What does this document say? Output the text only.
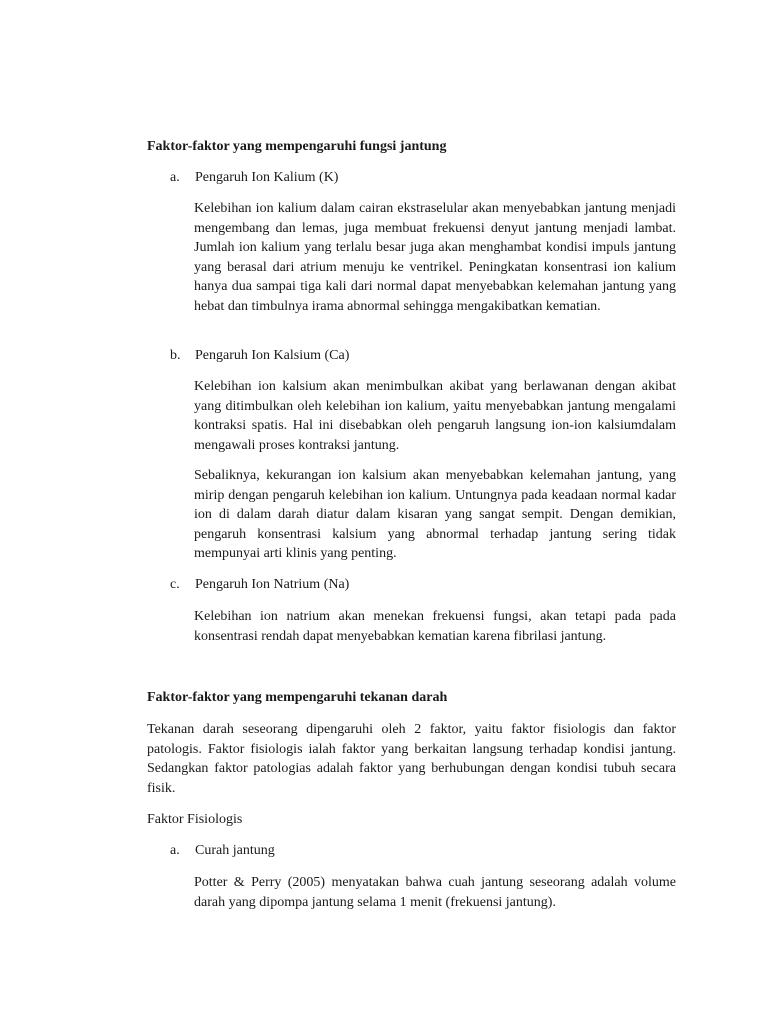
Faktor-faktor yang mempengaruhi fungsi jantung
a. Pengaruh Ion Kalium (K)
Kelebihan ion kalium dalam cairan ekstraselular akan menyebabkan jantung menjadi mengembang dan lemas, juga membuat frekuensi denyut jantung menjadi lambat. Jumlah ion kalium yang terlalu besar juga akan menghambat kondisi impuls jantung yang berasal dari atrium menuju ke ventrikel. Peningkatan konsentrasi ion kalium hanya dua sampai tiga kali dari normal dapat menyebabkan kelemahan jantung yang hebat dan timbulnya irama abnormal sehingga mengakibatkan kematian.
b. Pengaruh Ion Kalsium (Ca)
Kelebihan ion kalsium akan menimbulkan akibat yang berlawanan dengan akibat yang ditimbulkan oleh kelebihan ion kalium, yaitu menyebabkan jantung mengalami kontraksi spatis. Hal ini disebabkan oleh pengaruh langsung ion-ion kalsiumdalam mengawali proses kontraksi jantung.
Sebaliknya, kekurangan ion kalsium akan menyebabkan kelemahan jantung, yang mirip dengan pengaruh kelebihan ion kalium. Untungnya pada keadaan normal kadar ion di dalam darah diatur dalam kisaran yang sangat sempit. Dengan demikian, pengaruh konsentrasi kalsium yang abnormal terhadap jantung sering tidak mempunyai arti klinis yang penting.
c. Pengaruh Ion Natrium (Na)
Kelebihan ion natrium akan menekan frekuensi fungsi, akan tetapi pada pada konsentrasi rendah dapat menyebabkan kematian karena fibrilasi jantung.
Faktor-faktor yang mempengaruhi tekanan darah
Tekanan darah seseorang dipengaruhi oleh 2 faktor, yaitu faktor fisiologis dan faktor patologis. Faktor fisiologis ialah faktor yang berkaitan langsung terhadap kondisi jantung. Sedangkan faktor patologias adalah faktor yang berhubungan dengan kondisi tubuh secara fisik.
Faktor Fisiologis
a. Curah jantung
Potter & Perry (2005) menyatakan bahwa cuah jantung seseorang adalah volume darah yang dipompa jantung selama 1 menit (frekuensi jantung).
